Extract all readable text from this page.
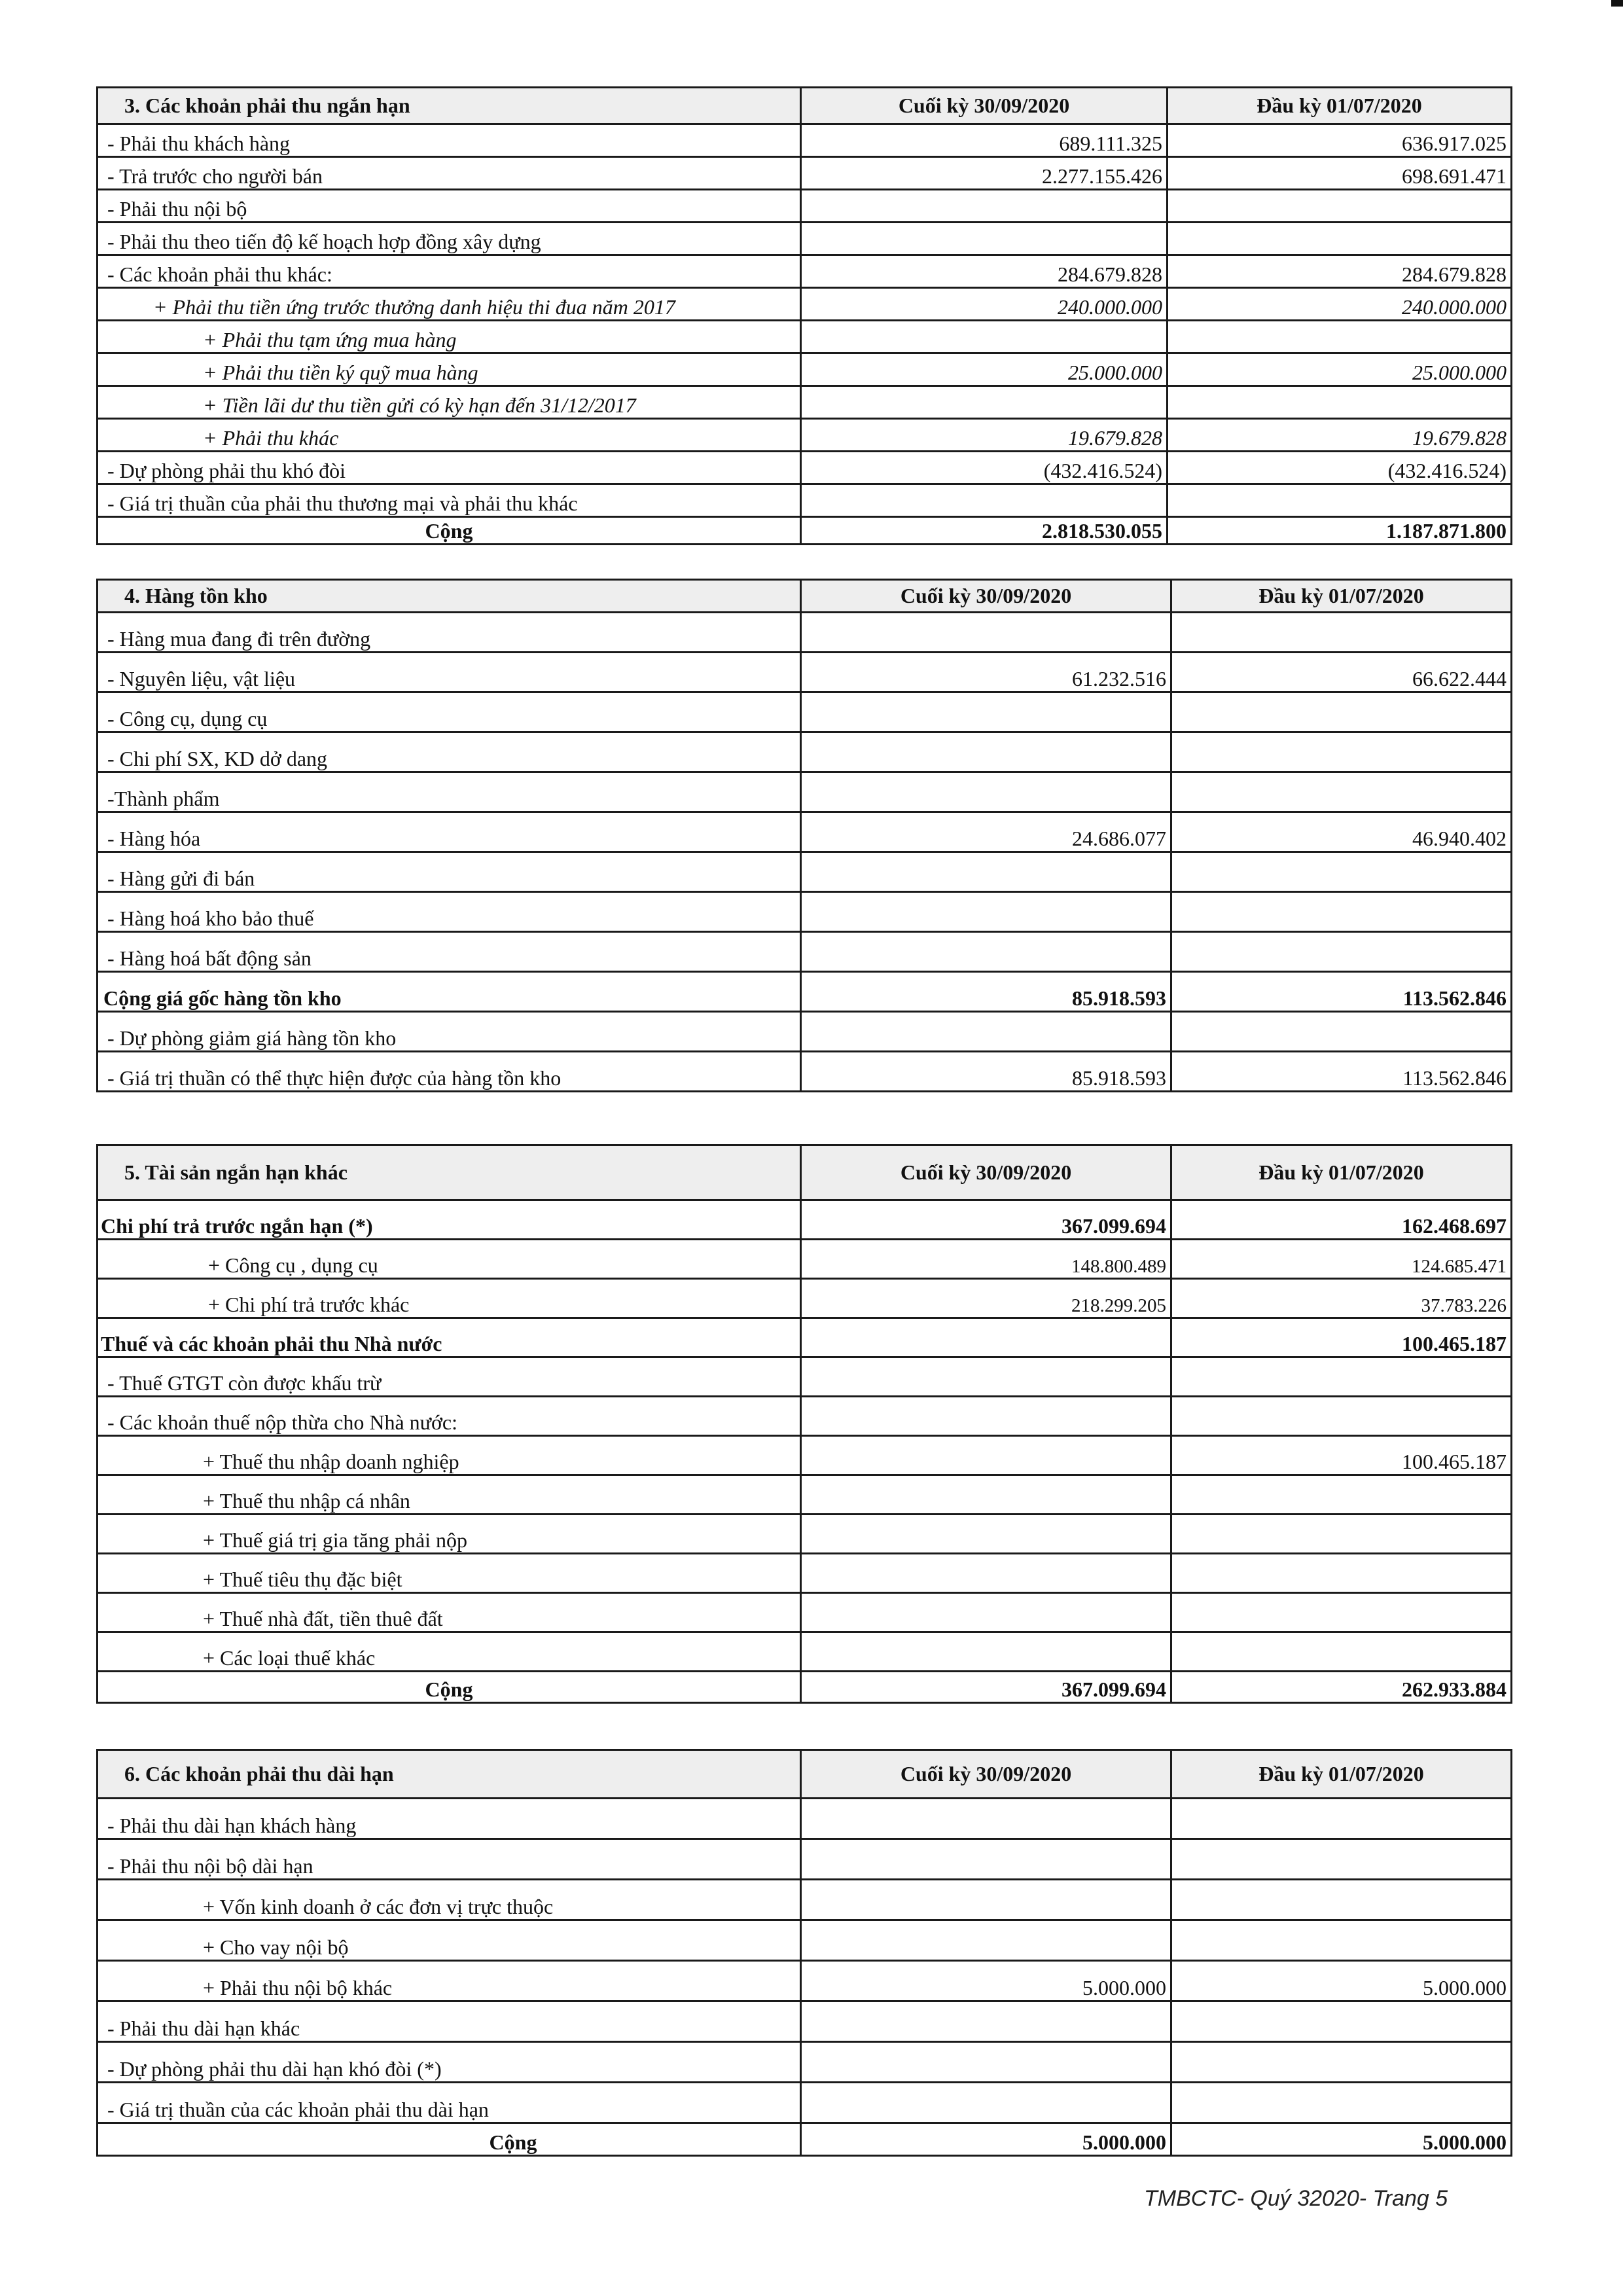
3. Các khoản phải thu ngắn hạn	Cuối kỳ 30/09/2020	Đầu kỳ 01/07/2020
- Phải thu khách hàng	689.111.325	636.917.025
- Trả trước cho người bán	2.277.155.426	698.691.471
- Phải thu nội bộ		
- Phải thu theo tiến độ kế hoạch hợp đồng xây dựng		
- Các khoản phải thu khác:	284.679.828	284.679.828
+ Phải thu tiền ứng trước thưởng danh hiệu thi đua năm 2017	240.000.000	240.000.000
+ Phải thu tạm ứng mua hàng		
+ Phải thu tiền ký quỹ mua hàng	25.000.000	25.000.000
+ Tiền lãi dư thu tiền gửi có kỳ hạn đến 31/12/2017		
+ Phải thu khác	19.679.828	19.679.828
- Dự phòng phải thu khó đòi	(432.416.524)	(432.416.524)
- Giá trị thuần của phải thu thương mại và phải thu khác		
Cộng	2.818.530.055	1.187.871.800
4. Hàng tồn kho	Cuối kỳ 30/09/2020	Đầu kỳ 01/07/2020
- Hàng mua đang đi trên đường		
- Nguyên liệu, vật liệu	61.232.516	66.622.444
- Công cụ, dụng cụ		
- Chi phí SX, KD dở dang		
-Thành phẩm		
- Hàng hóa	24.686.077	46.940.402
- Hàng gửi đi bán		
- Hàng hoá kho bảo thuế		
- Hàng hoá bất động sản		
Cộng giá gốc hàng tồn kho	85.918.593	113.562.846
- Dự phòng giảm giá hàng tồn kho		
- Giá trị thuần có thể thực hiện được của hàng tồn kho	85.918.593	113.562.846
5. Tài sản ngắn hạn khác	Cuối kỳ 30/09/2020	Đầu kỳ 01/07/2020
Chi phí trả trước ngắn hạn (*)	367.099.694	162.468.697
+ Công cụ , dụng cụ	148.800.489	124.685.471
+ Chi phí trả trước khác	218.299.205	37.783.226
Thuế và các khoản phải thu Nhà nước		100.465.187
- Thuế GTGT còn được khấu trừ		
- Các khoản thuế nộp thừa cho Nhà nước:		
+ Thuế thu nhập doanh nghiệp		100.465.187
+ Thuế thu nhập cá nhân		
+ Thuế giá trị gia tăng phải nộp		
+ Thuế tiêu thụ đặc biệt		
+ Thuế nhà đất, tiền thuê đất		
+ Các loại thuế khác		
Cộng	367.099.694	262.933.884
6. Các khoản phải thu dài hạn	Cuối kỳ 30/09/2020	Đầu kỳ 01/07/2020
- Phải thu dài hạn khách hàng		
- Phải thu nội bộ dài hạn		
+ Vốn kinh doanh ở các đơn vị trực thuộc		
+ Cho vay nội bộ		
+ Phải thu nội bộ khác	5.000.000	5.000.000
- Phải thu dài hạn khác		
- Dự phòng phải thu dài hạn khó đòi (*)		
- Giá trị thuần của các khoản phải thu dài hạn		
Cộng	5.000.000	5.000.000
TMBCTC- Quý 32020- Trang 5
